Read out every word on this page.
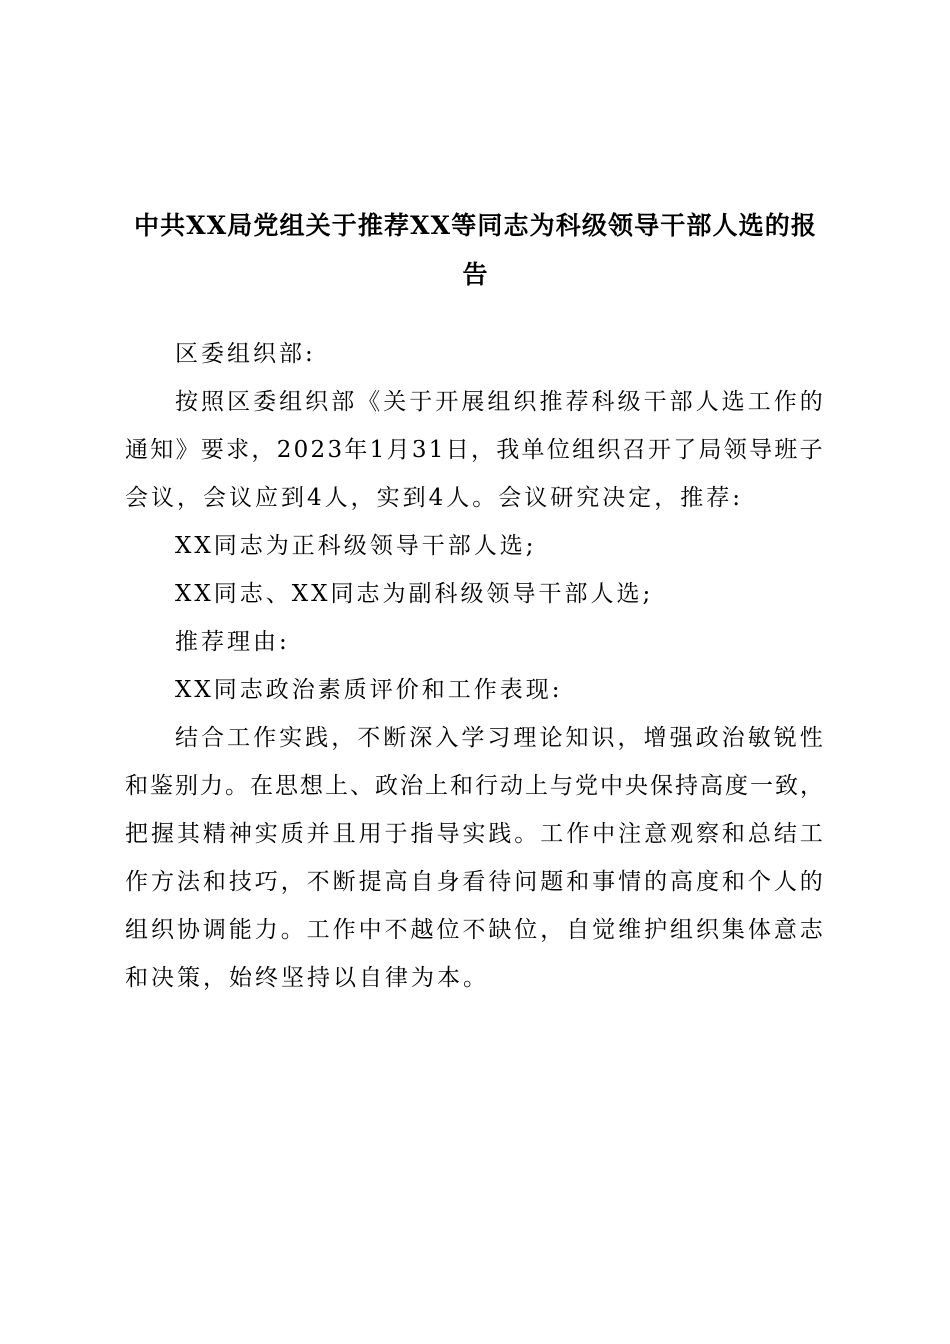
中 共 X X 局 党 组 关 于 推 荐 X X 等 同 志 为 科 级 领 导 干 部 人 选 的 报
告
区委组织部:
按 照 区 委 组 织 部 《 关 于 开 展 组 织 推 荐 科 级 干 部 人 选 工 作 的
通 知 》 要 求 ， 2 0 2 3 年 1 月 3 1 日 ， 我 单 位 组 织 召 开 了 局 领 导 班 子
会议，会议应到4人，实到4人。会议研究决定，推荐:
XX同志为正科级领导干部人选;
XX同志、XX同志为副科级领导干部人选;
推荐理由:
XX同志政治素质评价和工作表现:
结 合 工 作 实 践 ， 不 断 深 入 学 习 理 论 知 识 ， 增 强 政 治 敏 锐 性
和 鉴 别 力 。 在 思 想 上 、 政 治 上 和 行 动 上 与 党 中 央 保 持 高 度 一 致 ，
把 握 其 精 神 实 质 并 且 用 于 指 导 实 践 。 工 作 中 注 意 观 察 和 总 结 工
作 方 法 和 技 巧 ， 不 断 提 高 自 身 看 待 问 题 和 事 情 的 高 度 和 个 人 的
组 织 协 调 能 力 。 工 作 中 不 越 位 不 缺 位 ， 自 觉 维 护 组 织 集 体 意 志
和决策，始终坚持以自律为本。
